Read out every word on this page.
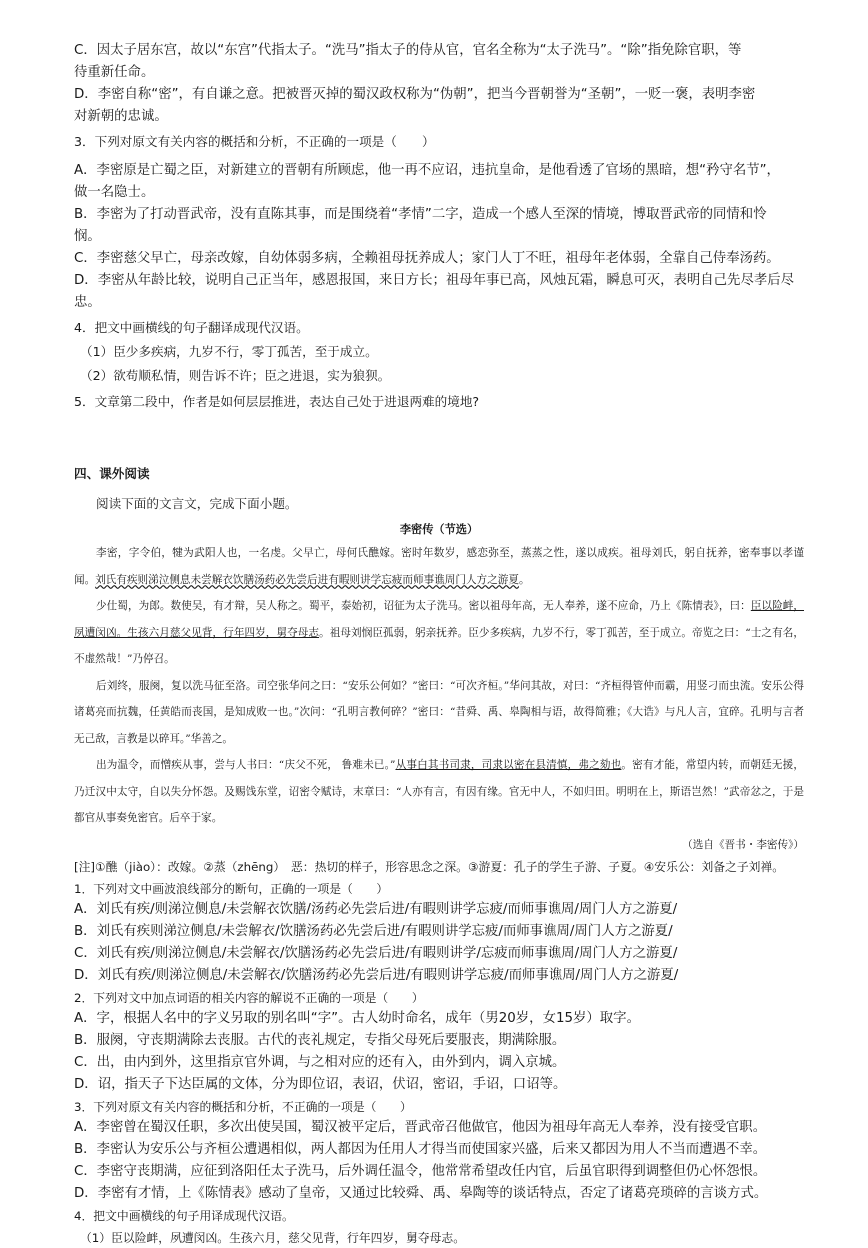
C．因太子居东宫，故以“东宫”代指太子。“洗马”指太子的侍从官，官名全称为“太子洗马”。“除”指免除官职，等

待重新任命。

D．李密自称“密”，有自谦之意。把被晋灭掉的蜀汉政权称为“伪朝”，把当今晋朝誉为“圣朝”，一贬一褒，表明李密

对新朝的忠诚。

3．下列对原文有关内容的概括和分析，不正确的一项是（　　）

A．李密原是亡蜀之臣，对新建立的晋朝有所顾虑，他一再不应诏，违抗皇命，是他看透了官场的黑暗，想“矜守名节”，

做一名隐士。

B．李密为了打动晋武帝，没有直陈其事，而是围绕着“孝情”二字，造成一个感人至深的情境，博取晋武帝的同情和怜

悯。

C．李密慈父早亡，母亲改嫁，自幼体弱多病，全赖祖母抚养成人；家门人丁不旺，祖母年老体弱，全靠自己侍奉汤药。

D．李密从年龄比较，说明自己正当年，感恩报国，来日方长；祖母年事已高，风烛瓦霜，瞬息可灭，表明自己先尽孝后尽

忠。

4．把文中画横线的句子翻译成现代汉语。

（1）臣少多疾病，九岁不行，零丁孤苦，至于成立。

（2）欲苟顺私情，则告诉不许；臣之进退，实为狼狈。

5．文章第二段中，作者是如何层层推进，表达自己处于进退两难的境地?

四、课外阅读

阅读下面的文言文，完成下面小题。

李密传（节选）

李密，字令伯，犍为武阳人也，一名虔。父早亡，母何氏醮嫁。密时年数岁，感恋弥至，蒸蒸之性，遂以成疾。祖母刘氏，躬自抚养，密奉事以孝谨闻。刘氏有疾则涕泣侧息未尝解衣饮膳汤药必先尝后进有暇则讲学忘疲而师事谯周门人方之游夏。

少仕蜀，为郎。数使吴，有才辩，吴人称之。蜀平，泰始初，诏征为太子洗马。密以祖母年高，无人奉养，遂不应命，乃上《陈情表》，曰：臣以险衅，夙遭闵凶。生孩六月慈父见背，行年四岁，舅夺母志。祖母刘悯臣孤弱，躬亲抚养。臣少多疾病，九岁不行，零丁孤苦，至于成立。帝览之曰：“士之有名， 不虚然哉！”乃停召。

后刘终，服阕，复以洗马征至洛。司空张华问之曰：“安乐公何如？”密曰：“可次齐桓。”华问其故，对曰：“齐桓得管仲而霸，用竖刁而虫流。安乐公得诸葛亮而抗魏，任黄皓而丧国，是知成败一也。”次问：“孔明言教何碎？”密曰：“昔舜、禹、皋陶相与语，故得简雅；《大诰》与凡人言，宜碎。孔明与言者无己敌，言教是以碎耳。”华善之。

出为温令，而憎疾从事，尝与人书曰：“庆父不死， 鲁难未已。”从事白其书司隶，司隶以密在县清慎，弗之劾也。密有才能，常望内转，而朝廷无援，乃迁汉中太守，自以失分怀怨。及赐饯东堂，诏密令赋诗，末章曰：“人亦有言，有因有缘。官无中人，不如归田。明明在上，斯语岂然！”武帝忿之，于是都官从事奏免密官。后卒于家。

（选自《晋书・李密传》）

[注]①醮（jiào）：改嫁。②蒸（zhēng）　恶：热切的样子，形容思念之深。③游夏：孔子的学生子游、子夏。④安乐公：刘备之子刘禅。

1．下列对文中画波浪线部分的断句，正确的一项是（　　）

A．刘氏有疾/则涕泣侧息/未尝解衣饮膳/汤药必先尝后进/有暇则讲学忘疲/而师事谯周/周门人方之游夏/

B．刘氏有疾则涕泣侧息/未尝解衣/饮膳汤药必先尝后进/有暇则讲学忘疲/而师事谯周/周门人方之游夏/

C．刘氏有疾/则涕泣侧息/未尝解衣/饮膳汤药必先尝后进/有暇则讲学/忘疲而师事谯周/周门人方之游夏/

D．刘氏有疾/则涕泣侧息/未尝解衣/饮膳汤药必先尝后进/有暇则讲学忘疲/而师事谯周/周门人方之游夏/

2．下列对文中加点词语的相关内容的解说不正确的一项是（　　）

A．字，根据人名中的字义另取的别名叫“字”。古人幼时命名，成年（男20岁，女15岁）取字。

B．服阕，守丧期满除去丧服。古代的丧礼规定，专指父母死后要服丧，期满除服。

C．出，由内到外，这里指京官外调，与之相对应的还有入，由外到内，调入京城。

D．诏，指天子下达臣属的文体，分为即位诏，表诏，伏诏，密诏，手诏，口诏等。

3．下列对原文有关内容的概括和分析，不正确的一项是（　　）

A．李密曾在蜀汉任职，多次出使吴国，蜀汉被平定后，晋武帝召他做官，他因为祖母年高无人奉养，没有接受官职。

B．李密认为安乐公与齐桓公遭遇相似，两人都因为任用人才得当而使国家兴盛，后来又都因为用人不当而遭遇不幸。

C．李密守丧期满，应征到洛阳任太子洗马，后外调任温令，他常常希望改任内官，后虽官职得到调整但仍心怀怨恨。

D．李密有才情，上《陈情表》感动了皇帝，又通过比较舜、禹、皋陶等的谈话特点，否定了诸葛亮琐碎的言谈方式。

4．把文中画横线的句子用译成现代汉语。

（1）臣以险衅，夙遭闵凶。生孩六月，慈父见背，行年四岁，舅夺母志。
